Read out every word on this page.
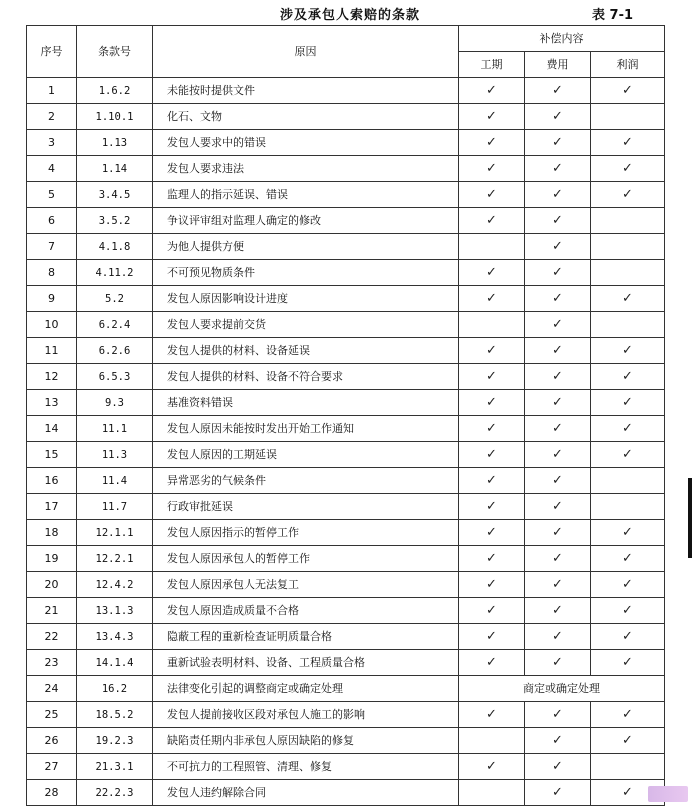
涉及承包人索赔的条款	表 7-1
序号	条款号	原因	补偿内容		
			工期	费用	利润
1	1.6.2	未能按时提供文件	✓	✓	✓
2	1.10.1	化石、文物	✓	✓	
3	1.13	发包人要求中的错误	✓	✓	✓
4	1.14	发包人要求违法	✓	✓	✓
5	3.4.5	监理人的指示延误、错误	✓	✓	✓
6	3.5.2	争议评审组对监理人确定的修改	✓	✓	
7	4.1.8	为他人提供方便		✓	
8	4.11.2	不可预见物质条件	✓	✓	
9	5.2	发包人原因影响设计进度	✓	✓	✓
10	6.2.4	发包人要求提前交货		✓	
11	6.2.6	发包人提供的材料、设备延误	✓	✓	✓
12	6.5.3	发包人提供的材料、设备不符合要求	✓	✓	✓
13	9.3	基准资料错误	✓	✓	✓
14	11.1	发包人原因未能按时发出开始工作通知	✓	✓	✓
15	11.3	发包人原因的工期延误	✓	✓	✓
16	11.4	异常恶劣的气候条件	✓	✓	
17	11.7	行政审批延误	✓	✓	
18	12.1.1	发包人原因指示的暂停工作	✓	✓	✓
19	12.2.1	发包人原因承包人的暂停工作	✓	✓	✓
20	12.4.2	发包人原因承包人无法复工	✓	✓	✓
21	13.1.3	发包人原因造成质量不合格	✓	✓	✓
22	13.4.3	隐蔽工程的重新检查证明质量合格	✓	✓	✓
23	14.1.4	重新试验表明材料、设备、工程质量合格	✓	✓	✓
24	16.2	法律变化引起的调整商定或确定处理	商定或确定处理		
25	18.5.2	发包人提前接收区段对承包人施工的影响	✓	✓	✓
26	19.2.3	缺陷责任期内非承包人原因缺陷的修复		✓	✓
27	21.3.1	不可抗力的工程照管、清理、修复	✓	✓	
28	22.2.3	发包人违约解除合同		✓	✓
